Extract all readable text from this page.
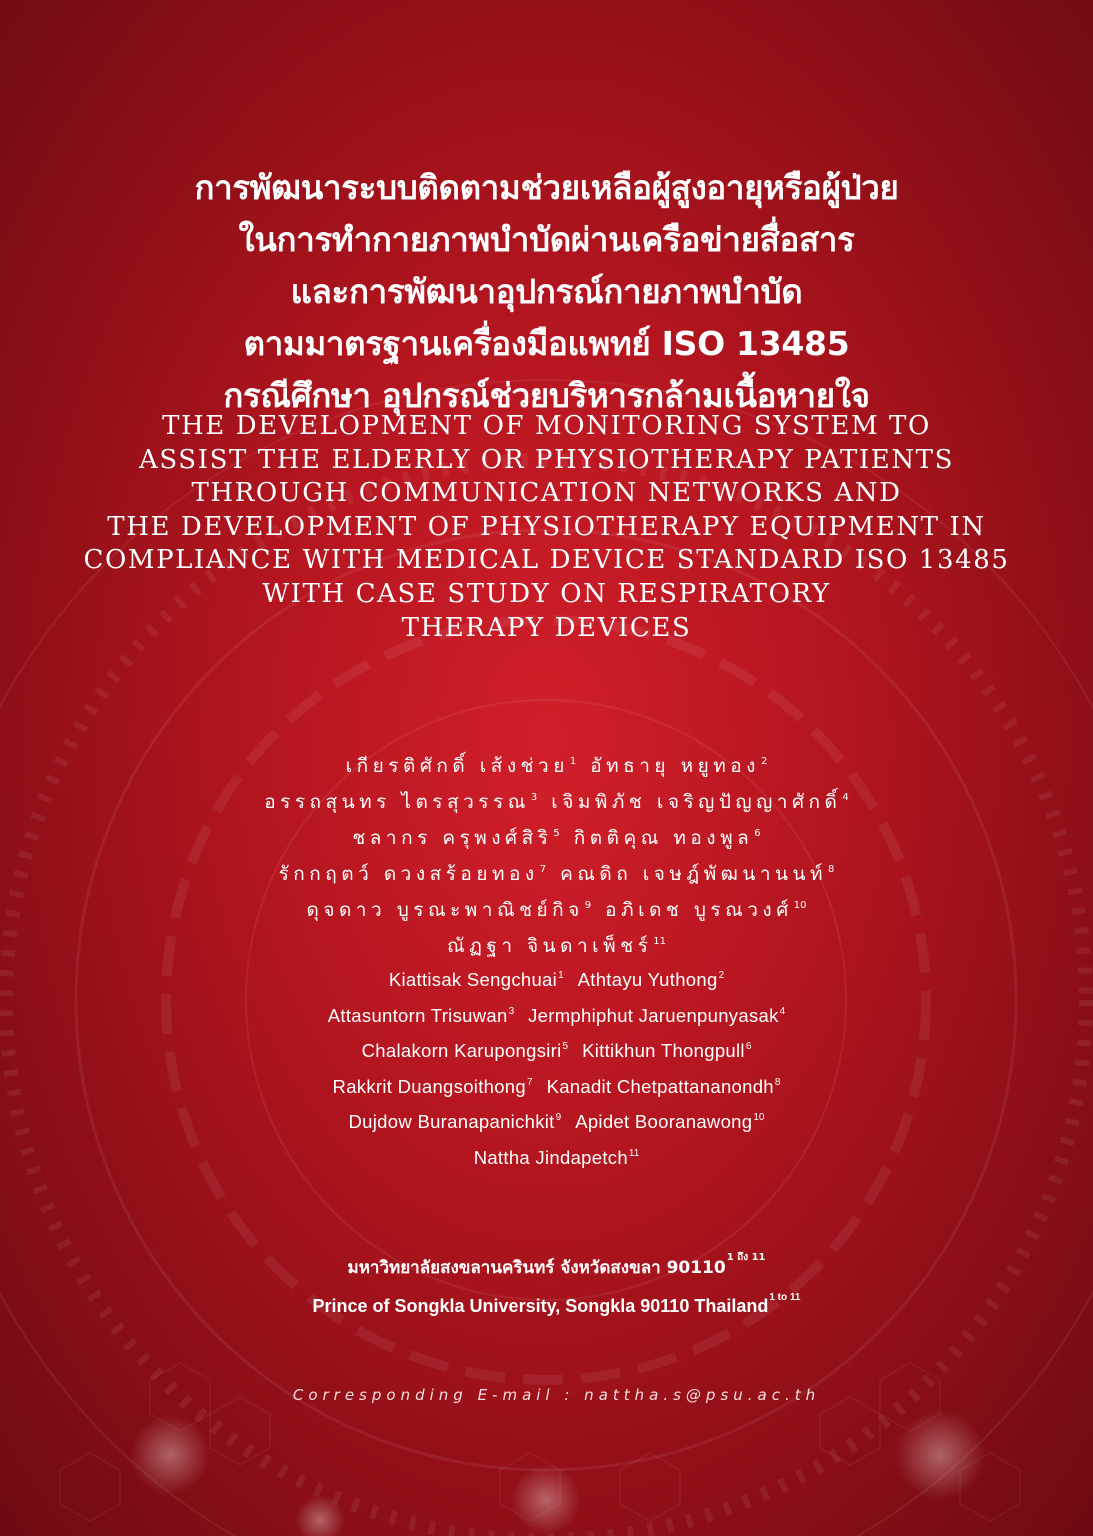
การพัฒนาระบบติดตามช่วยเหลือผู้สูงอายุหรือผู้ป่วย
ในการทำกายภาพบำบัดผ่านเครือข่ายสื่อสาร
และการพัฒนาอุปกรณ์กายภาพบำบัด
ตามมาตรฐานเครื่องมือแพทย์ ISO 13485
กรณีศึกษา อุปกรณ์ช่วยบริหารกล้ามเนื้อหายใจ
THE DEVELOPMENT OF MONITORING SYSTEM TO
ASSIST THE ELDERLY OR PHYSIOTHERAPY PATIENTS
THROUGH COMMUNICATION NETWORKS AND
THE DEVELOPMENT OF PHYSIOTHERAPY EQUIPMENT IN
COMPLIANCE WITH MEDICAL DEVICE STANDARD ISO 13485
WITH CASE STUDY ON RESPIRATORY
THERAPY DEVICES
เกียรติศักดิ์ เส้งช่วย$^1$ อัทธายุ หยูทอง$^2$
อรรถสุนทร ไตรสุวรรณ$^3$ เจิมพิภัช เจริญปัญญาศักดิ์$^4$
ชลากร ครุพงศ์สิริ$^5$ กิตติคุณ ทองพูล$^6$
รักกฤตว์ ดวงสร้อยทอง$^7$ คณดิถ เจษฎ์พัฒนานนท์$^8$
ดุจดาว บูรณะพาณิชย์กิจ$^9$ อภิเดช บูรณวงศ์$^{10}$
ณัฏฐา จินดาเพ็ชร์$^{11}$
Kiattisak Sengchuai$^1$ Athtayu Yuthong$^2$
Attasuntorn Trisuwan$^3$ Jermphiphut Jaruenpunyasak$^4$
Chalakorn Karupongsiri$^5$ Kittikhun Thongpull$^6$
Rakkrit Duangsoithong$^7$ Kanadit Chetpattananondh$^8$
Dujdow Buranapanichkit$^9$ Apidet Booranawong$^{10}$
Nattha Jindapetch$^{11}$
มหาวิทยาลัยสงขลานครินทร์ จังหวัดสงขลา $90110^{1 ถึง 11}$
Prince of Songkla University, Songkla 90110 Thailand$^{1 to 11}$
Corresponding E-mail : nattha.s@psu.ac.th
